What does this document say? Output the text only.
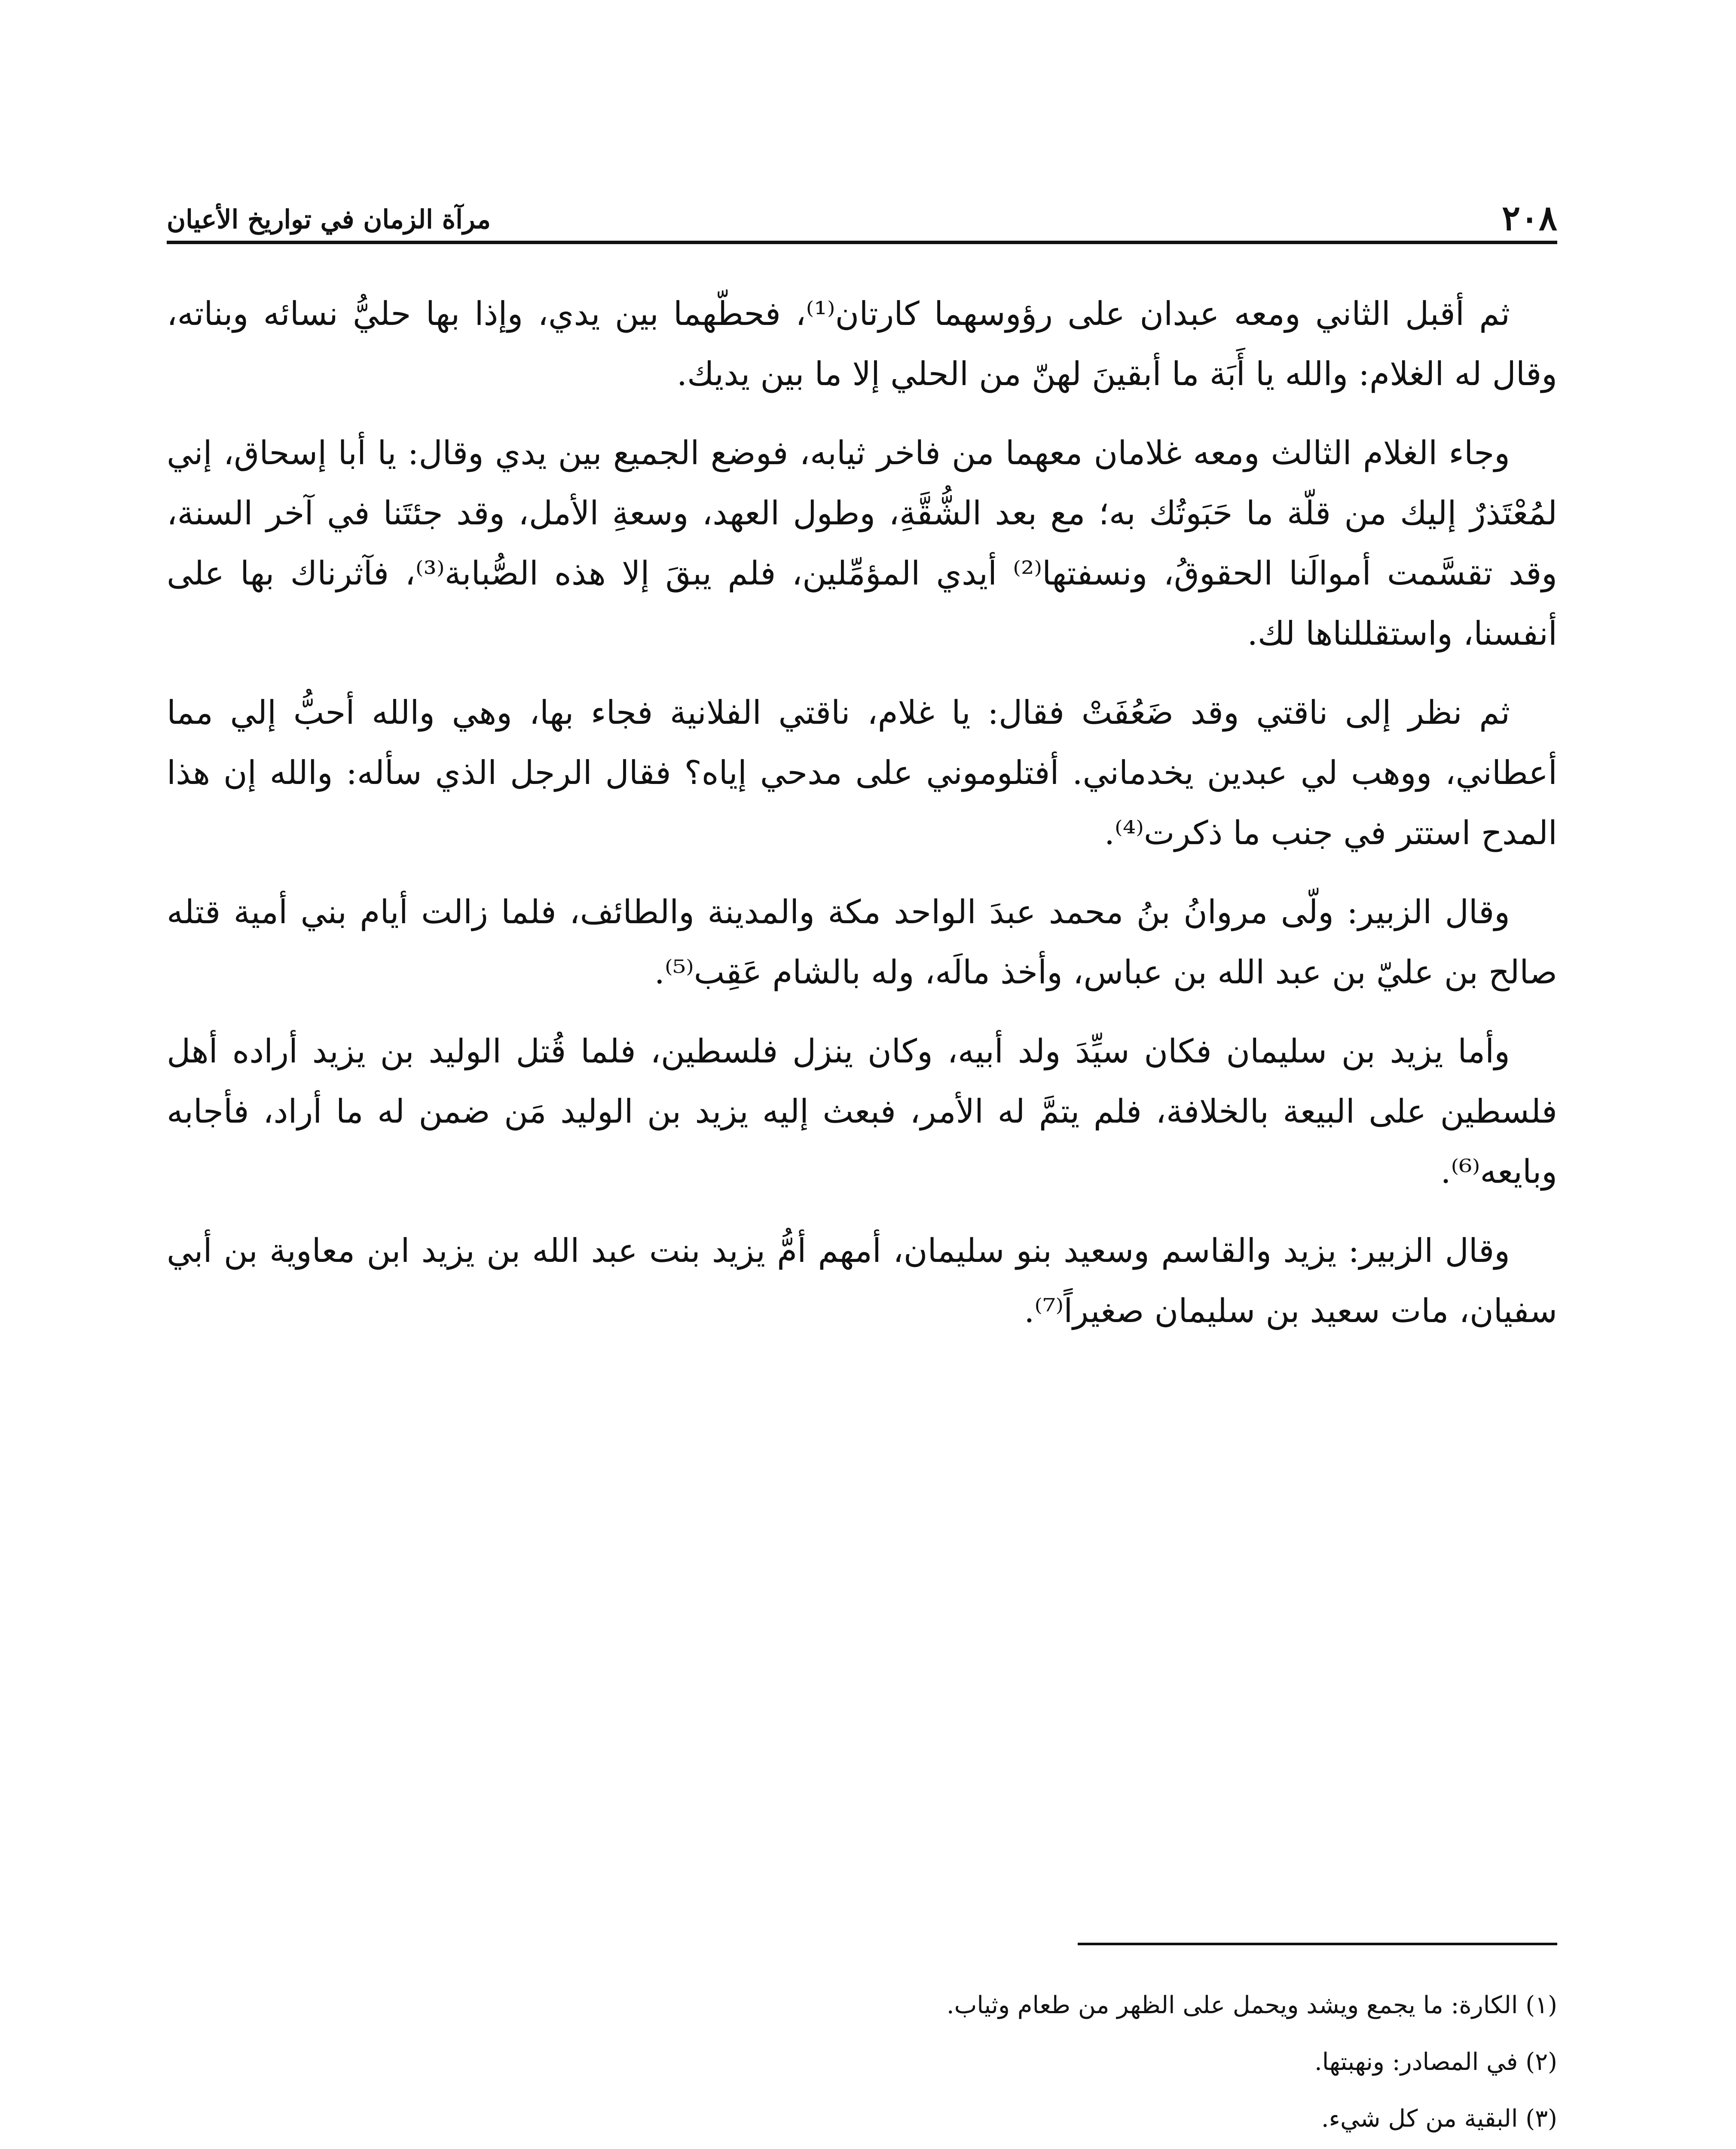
مرآة الزمان في تواريخ الأعيان	٢٠٨

ثم أقبل الثاني ومعه عبدان على رؤوسهما كارتان⁽¹⁾، فحطّهما بين يدي، وإذا بها حليُّ نسائه وبناته، وقال له الغلام: والله يا أَبَة ما أبقينَ لهنّ من الحلي إلا ما بين يديك.

وجاء الغلام الثالث ومعه غلامان معهما من فاخر ثيابه، فوضع الجميع بين يدي وقال: يا أبا إسحاق، إني لمُعْتَذرٌ إليك من قلّة ما حَبَوتُك به؛ مع بعد الشُّقَّةِ، وطول العهد، وسعةِ الأمل، وقد جئتَنا في آخر السنة، وقد تقسَّمت أموالَنا الحقوقُ، ونسفتها⁽²⁾ أيدي المؤمِّلين، فلم يبقَ إلا هذه الصُّبابة⁽³⁾، فآثرناك بها على أنفسنا، واستقللناها لك.

ثم نظر إلى ناقتي وقد ضَعُفَتْ فقال: يا غلام، ناقتي الفلانية فجاء بها، وهي والله أحبُّ إلي مما أعطاني، ووهب لي عبدين يخدماني. أفتلوموني على مدحي إياه؟ فقال الرجل الذي سأله: والله إن هذا المدح استتر في جنب ما ذكرت⁽⁴⁾.

وقال الزبير: ولّى مروانُ بنُ محمد عبدَ الواحد مكة والمدينة والطائف، فلما زالت أيام بني أمية قتله صالح بن عليّ بن عبد الله بن عباس، وأخذ مالَه، وله بالشام عَقِب⁽⁵⁾.

وأما يزيد بن سليمان فكان سيِّدَ ولد أبيه، وكان ينزل فلسطين، فلما قُتل الوليد بن يزيد أراده أهل فلسطين على البيعة بالخلافة، فلم يتمَّ له الأمر، فبعث إليه يزيد بن الوليد مَن ضمن له ما أراد، فأجابه وبايعه⁽⁶⁾.

وقال الزبير: يزيد والقاسم وسعيد بنو سليمان، أمهم أمُّ يزيد بنت عبد الله بن يزيد ابن معاوية بن أبي سفيان، مات سعيد بن سليمان صغيراً⁽⁷⁾.

(١) الكارة: ما يجمع ويشد ويحمل على الظهر من طعام وثياب.
(٢) في المصادر: ونهبتها.
(٣) البقية من كل شيء.
